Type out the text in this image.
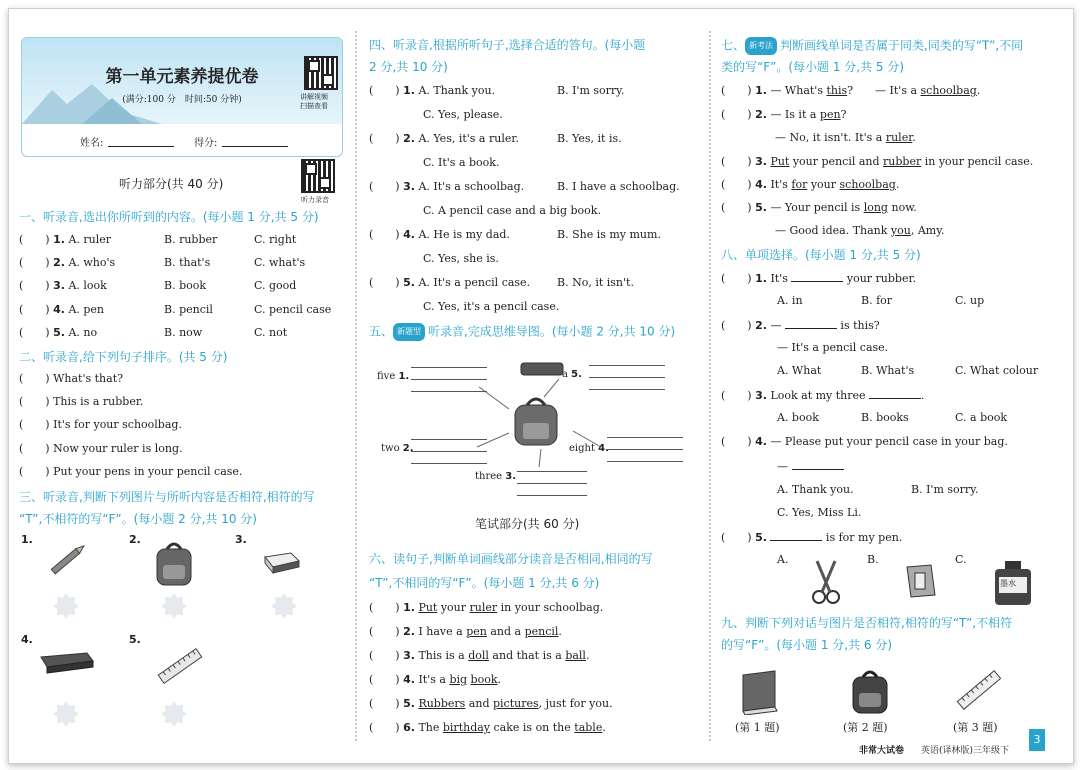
第一单元素养提优卷
(满分:100 分　时间:50 分钟)	讲解视频
扫描查看
姓名:	得分:
听力部分(共 40 分)
听力录音
一、听录音,选出你所听到的内容。(每小题 1 分,共 5 分)
(　　) 1. A. ruler	B. rubber	C. right
(　　) 2. A. who's	B. that's	C. what's
(　　) 3. A. look	B. book	C. good
(　　) 4. A. pen	B. pencil	C. pencil case
(　　) 5. A. no	B. now	C. not
二、听录音,给下列句子排序。(共 5 分)
(　　) What's that?
(　　) This is a rubber.
(　　) It's for your schoolbag.
(　　) Now your ruler is long.
(　　) Put your pens in your pencil case.
三、听录音,判断下列图片与所听内容是否相符,相符的写
“T”,不相符的写“F”。(每小题 2 分,共 10 分)
1.	2.	3.
4.	5.
四、听录音,根据所听句子,选择合适的答句。(每小题
2 分,共 10 分)
(　　) 1. A. Thank you.	B. I'm sorry.
C. Yes, please.
(　　) 2. A. Yes, it's a ruler.	B. Yes, it is.
C. It's a book.
(　　) 3. A. It's a schoolbag.	B. I have a schoolbag.
C. A pencil case and a big book.
(　　) 4. A. He is my dad.	B. She is my mum.
C. Yes, she is.
(　　) 5. A. It's a pencil case. B. No, it isn't.
C. Yes, it's a pencil case.
五、 新题型 听录音,完成思维导图。(每小题 2 分,共 10 分)
five 1.	a 5.
two 2.	eight 4.
three 3.
笔试部分(共 60 分)
六、读句子,判断单词画线部分读音是否相同,相同的写
“T”,不相同的写“F”。(每小题 1 分,共 6 分)
(　　) 1. Put your ruler in your schoolbag.
(　　) 2. I have a pen and a pencil.
(　　) 3. This is a doll and that is a ball.
(　　) 4. It's a big book.
(　　) 5. Rubbers and pictures, just for you.
(　　) 6. The birthday cake is on the table.
七、 新考法 判断画线单词是否属于同类,同类的写“T”,不同
类的写“F”。(每小题 1 分,共 5 分)
(　　) 1. — What's this?　　— It's a schoolbag.
(　　) 2. — Is it a pen?
— No, it isn't. It's a ruler.
(　　) 3. Put your pencil and rubber in your pencil case.
(　　) 4. It's for your schoolbag.
(　　) 5. — Your pencil is long now.
— Good idea. Thank you, Amy.
八、单项选择。(每小题 1 分,共 5 分)
(　　) 1. It's	your rubber.
A. in	B. for	C. up
(　　) 2. —	is this?
— It's a pencil case.
A. What	B. What's	C. What colour
(　　) 3. Look at my three	.
A. book	B. books	C. a book
(　　) 4. — Please put your pencil case in your bag.
—
A. Thank you.	B. I'm sorry.
C. Yes, Miss Li.
(　　) 5.	is for my pen.
A.	B.	C.
墨水
九、判断下列对话与图片是否相符,相符的写“T”,不相符
的写“F”。(每小题 1 分,共 6 分)
(第 1 题)	(第 2 题)	(第 3 题)
非常大试卷 英语(译林版)三年级下
3
